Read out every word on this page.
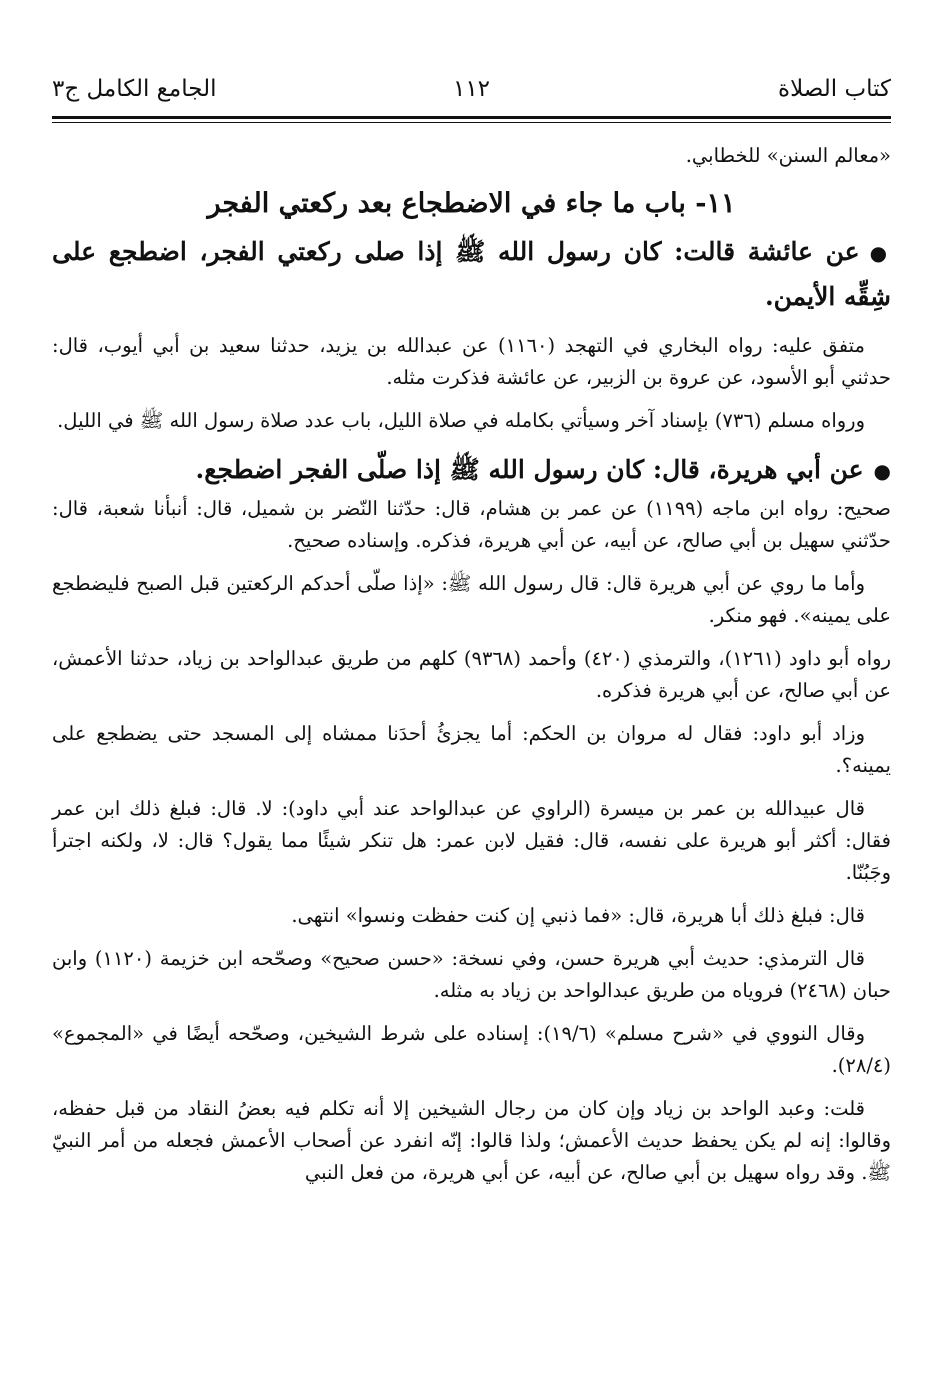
كتاب الصلاة
١١٢
الجامع الكامل ج٣

«معالم السنن» للخطابي.

١١- باب ما جاء في الاضطجاع بعد ركعتي الفجر

●عن عائشة قالت: كان رسول الله ﷺ إذا صلى ركعتي الفجر، اضطجع على شِقِّه الأيمن.

متفق عليه: رواه البخاري في التهجد (١١٦٠) عن عبدالله بن يزيد، حدثنا سعيد بن أبي أيوب، قال: حدثني أبو الأسود، عن عروة بن الزبير، عن عائشة فذكرت مثله.

ورواه مسلم (٧٣٦) بإسناد آخر وسيأتي بكامله في صلاة الليل، باب عدد صلاة رسول الله ﷺ في الليل.

●عن أبي هريرة، قال: كان رسول الله ﷺ إذا صلّى الفجر اضطجع.

صحيح: رواه ابن ماجه (١١٩٩) عن عمر بن هشام، قال: حدّثنا النّضر بن شميل، قال: أنبأنا شعبة، قال: حدّثني سهيل بن أبي صالح، عن أبيه، عن أبي هريرة، فذكره. وإسناده صحيح.

وأما ما روي عن أبي هريرة قال: قال رسول الله ﷺ: «إذا صلّى أحدكم الركعتين قبل الصبح فليضطجع على يمينه». فهو منكر.

رواه أبو داود (١٢٦١)، والترمذي (٤٢٠) وأحمد (٩٣٦٨) كلهم من طريق عبدالواحد بن زياد، حدثنا الأعمش، عن أبي صالح، عن أبي هريرة فذكره.

وزاد أبو داود: فقال له مروان بن الحكم: أما يجزئُ أحدَنا ممشاه إلى المسجد حتى يضطجع على يمينه؟.

قال عبيدالله بن عمر بن ميسرة (الراوي عن عبدالواحد عند أبي داود): لا. قال: فبلغ ذلك ابن عمر فقال: أكثر أبو هريرة على نفسه، قال: فقيل لابن عمر: هل تنكر شيئًا مما يقول؟ قال: لا، ولكنه اجترأ وجَبُنّا.

قال: فبلغ ذلك أبا هريرة، قال: «فما ذنبي إن كنت حفظت ونسوا» انتهى.

قال الترمذي: حديث أبي هريرة حسن، وفي نسخة: «حسن صحيح» وصحّحه ابن خزيمة (١١٢٠) وابن حبان (٢٤٦٨) فروياه من طريق عبدالواحد بن زياد به مثله.

وقال النووي في «شرح مسلم» (١٩/٦): إسناده على شرط الشيخين، وصحّحه أيضًا في «المجموع» (٢٨/٤).

قلت: وعبد الواحد بن زياد وإن كان من رجال الشيخين إلا أنه تكلم فيه بعضُ النقاد من قبل حفظه، وقالوا: إنه لم يكن يحفظ حديث الأعمش؛ ولذا قالوا: إنّه انفرد عن أصحاب الأعمش فجعله من أمر النبيّ ﷺ. وقد رواه سهيل بن أبي صالح، عن أبيه، عن أبي هريرة، من فعل النبي
